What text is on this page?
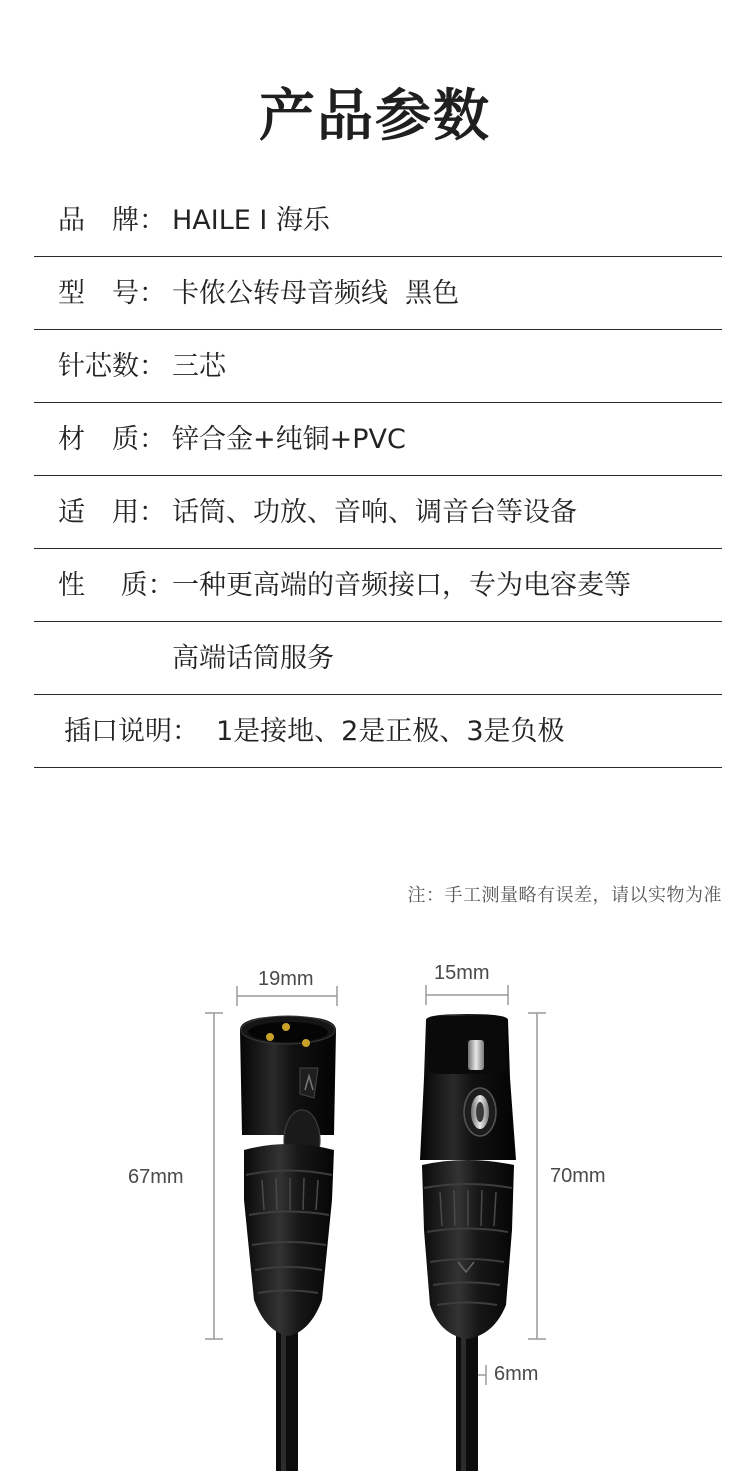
产品参数
品　牌： HAILE I 海乐
型　号： 卡侬公转母音频线  黑色
针芯数： 三芯
材　质： 锌合金+纯铜+PVC
适　用： 话筒、功放、音响、调音台等设备
性　 质：
一种更高端的音频接口，专为电容麦等
高端话筒服务
插口说明： 1是接地、2是正极、3是负极
注：手工测量略有误差，请以实物为准
19mm	15mm
67mm	70mm
6mm
